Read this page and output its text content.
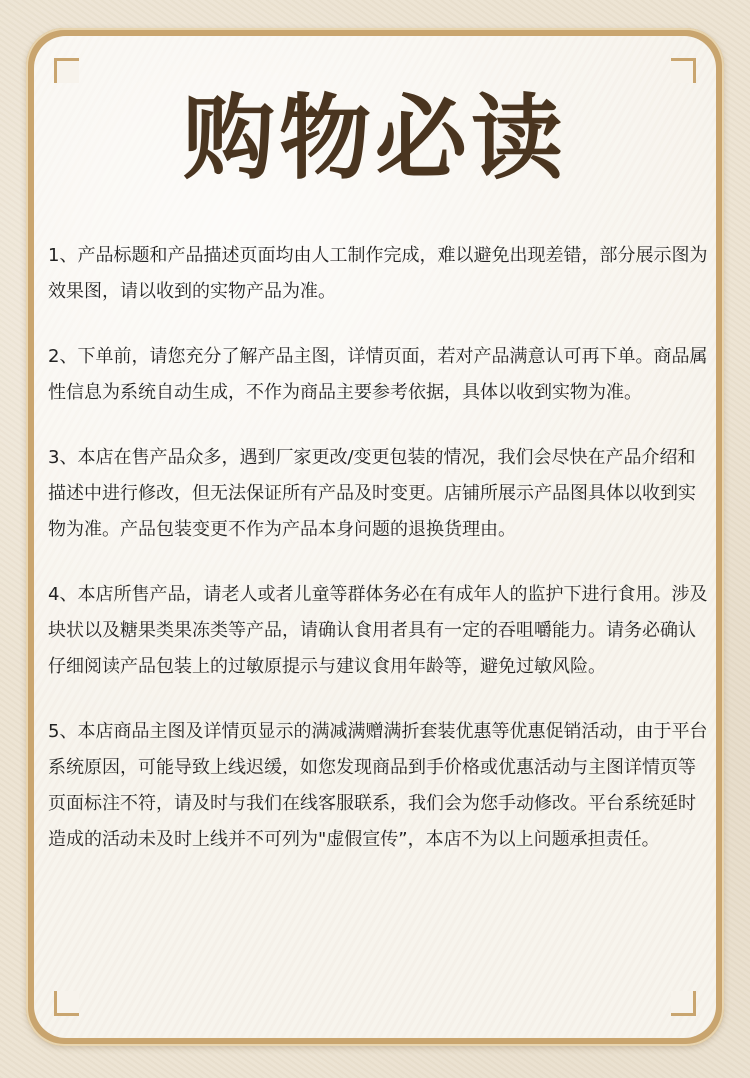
购物必读

1、产品标题和产品描述页面均由人工制作完成，难以避免出现差错，部分展示图为效果图，请以收到的实物产品为准。

2、下单前，请您充分了解产品主图，详情页面，若对产品满意认可再下单。商品属性信息为系统自动生成，不作为商品主要参考依据，具体以收到实物为准。

3、本店在售产品众多，遇到厂家更改/变更包装的情况，我们会尽快在产品介绍和描述中进行修改，但无法保证所有产品及时变更。店铺所展示产品图具体以收到实物为准。产品包装变更不作为产品本身问题的退换货理由。

4、本店所售产品，请老人或者儿童等群体务必在有成年人的监护下进行食用。涉及块状以及糖果类果冻类等产品，请确认食用者具有一定的吞咀嚼能力。请务必确认仔细阅读产品包装上的过敏原提示与建议食用年龄等，避免过敏风险。

5、本店商品主图及详情页显示的满减满赠满折套装优惠等优惠促销活动，由于平台系统原因，可能导致上线迟缓，如您发现商品到手价格或优惠活动与主图详情页等页面标注不符，请及时与我们在线客服联系，我们会为您手动修改。平台系统延时造成的活动未及时上线并不可列为"虚假宣传”，本店不为以上问题承担责任。
